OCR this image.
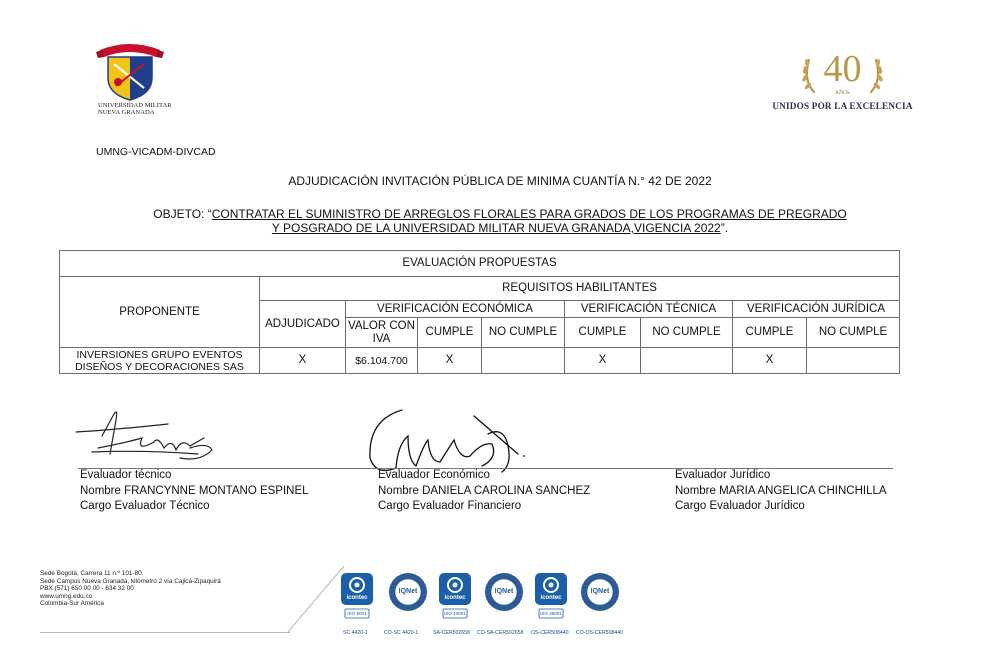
UNIVERSIDAD MILITAR
NUEVA GRANADA
40
AÑOS
UNIDOS POR LA EXCELENCIA
UMNG-VICADM-DIVCAD
ADJUDICACIÓN INVITACIÓN PÚBLICA DE MINIMA CUANTÍA N.° 42 DE 2022
OBJETO: “CONTRATAR EL SUMINISTRO DE ARREGLOS FLORALES PARA GRADOS DE LOS PROGRAMAS DE PREGRADO
Y POSGRADO DE LA UNIVERSIDAD MILITAR NUEVA GRANADA,VIGENCIA 2022”.
EVALUACIÓN PROPUESTAS								
PROPONENTE	REQUISITOS HABILITANTES							
	ADJUDICADO	VERIFICACIÓN ECONÓMICA			VERIFICACIÓN TÉCNICA		VERIFICACIÓN JURÍDICA	
		VALOR CON IVA	CUMPLE	NO CUMPLE	CUMPLE	NO CUMPLE	CUMPLE	NO CUMPLE
INVERSIONES GRUPO EVENTOS DISEÑOS Y DECORACIONES SAS	X	$6.104.700	X		X		X	
Evaluador técnico
Nombre FRANCYNNE MONTANO ESPINEL
Cargo Evaluador Técnico
Evaluador Económico
Nombre DANIELA CAROLINA SANCHEZ
Cargo Evaluador Financiero
Evaluador Jurídico
Nombre MARIA ANGELICA CHINCHILLA
Cargo Evaluador Jurídico
Sede Bogotá, Carrera 11 n.º 101-80.
Sede Campus Nueva Granada, kilómetro 2 vía Cajicá-Zipaquirá
PBX (571) 650 00 00 - 634 32 00
www.umng.edu.co
Colombia-Sur América
icontec
ISO 9001
IQNet
icontec
ISO 14001
IQNet
icontec
ISO 45001
IQNet
SC 4420-1	CO-SC 4420-1	SA-CER502658 CO-SA-CER502658 OS-CER508440 CO-OS-CER508440
